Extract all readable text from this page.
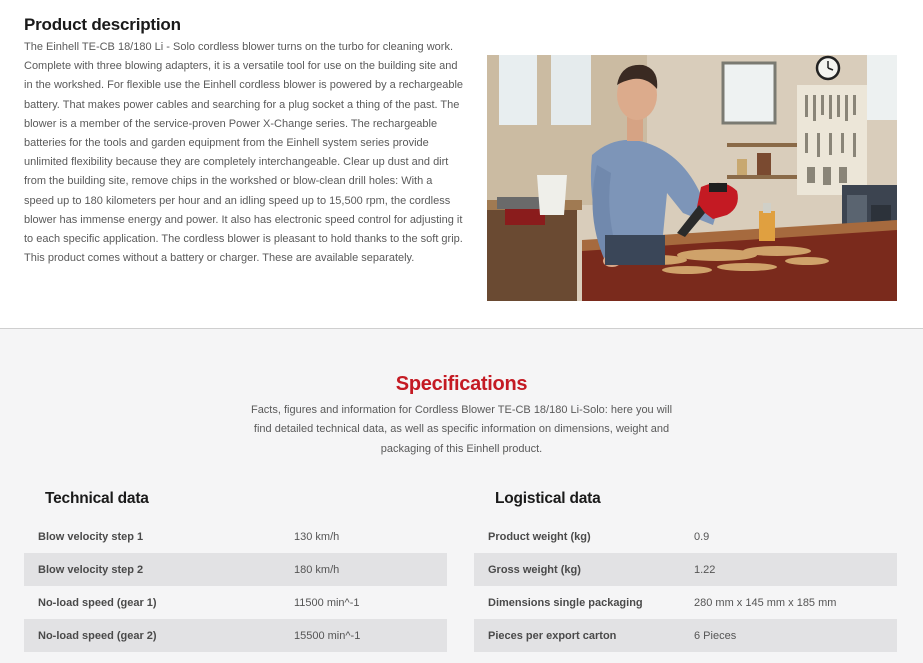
Product description

The Einhell TE-CB 18/180 Li - Solo cordless blower turns on the turbo for cleaning work. Complete with three blowing adapters, it is a versatile tool for use on the building site and in the workshed. For flexible use the Einhell cordless blower is powered by a rechargeable battery. That makes power cables and searching for a plug socket a thing of the past. The blower is a member of the service-proven Power X-Change series. The rechargeable batteries for the tools and garden equipment from the Einhell system series provide unlimited flexibility because they are completely interchangeable. Clear up dust and dirt from the building site, remove chips in the workshed or blow-clean drill holes: With a speed up to 180 kilometers per hour and an idling speed up to 15,500 rpm, the cordless blower has immense energy and power. It also has electronic speed control for adjusting it to each specific application. The cordless blower is pleasant to hold thanks to the soft grip. This product comes without a battery or charger. These are available separately.

Specifications

Facts, figures and information for Cordless Blower TE-CB 18/180 Li-Solo: here you will find detailed technical data, as well as specific information on dimensions, weight and packaging of this Einhell product.

Technical data	Logistical data
Blow velocity step 1	130 km/h
Blow velocity step 2	180 km/h
No-load speed (gear 1)	11500 min^-1
No-load speed (gear 2)	15500 min^-1
Product weight (kg)	0.9
Gross weight (kg)	1.22
Dimensions single packaging	280 mm x 145 mm x 185 mm
Pieces per export carton	6 Pieces
